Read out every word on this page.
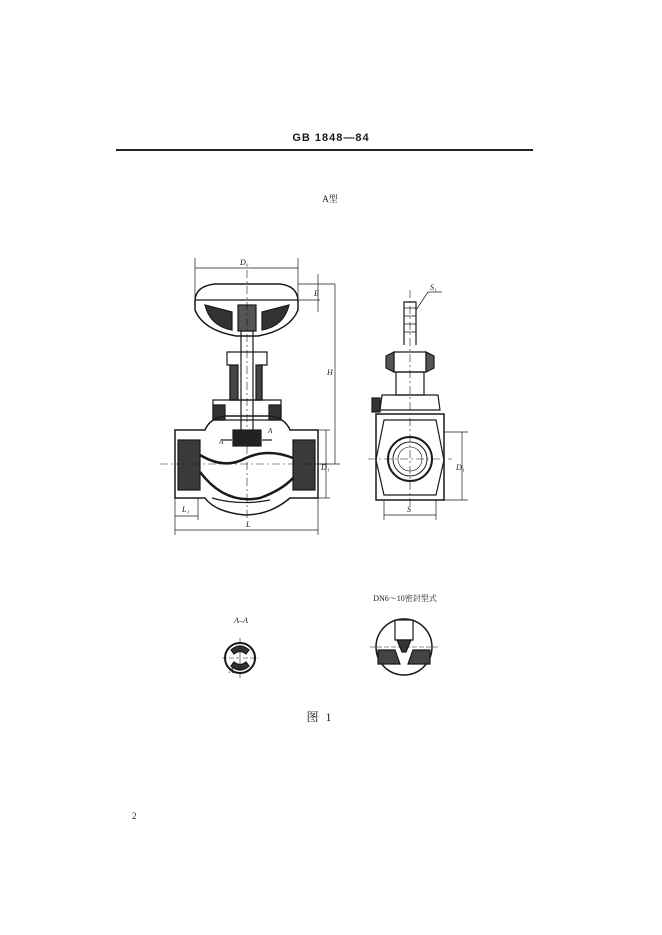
GB 1848—84
A型
A
A
D₀
E
H
D₁
L₁
L
S₁
D₁
S
A
A–A
DN6～10密封型式
图 1
2
